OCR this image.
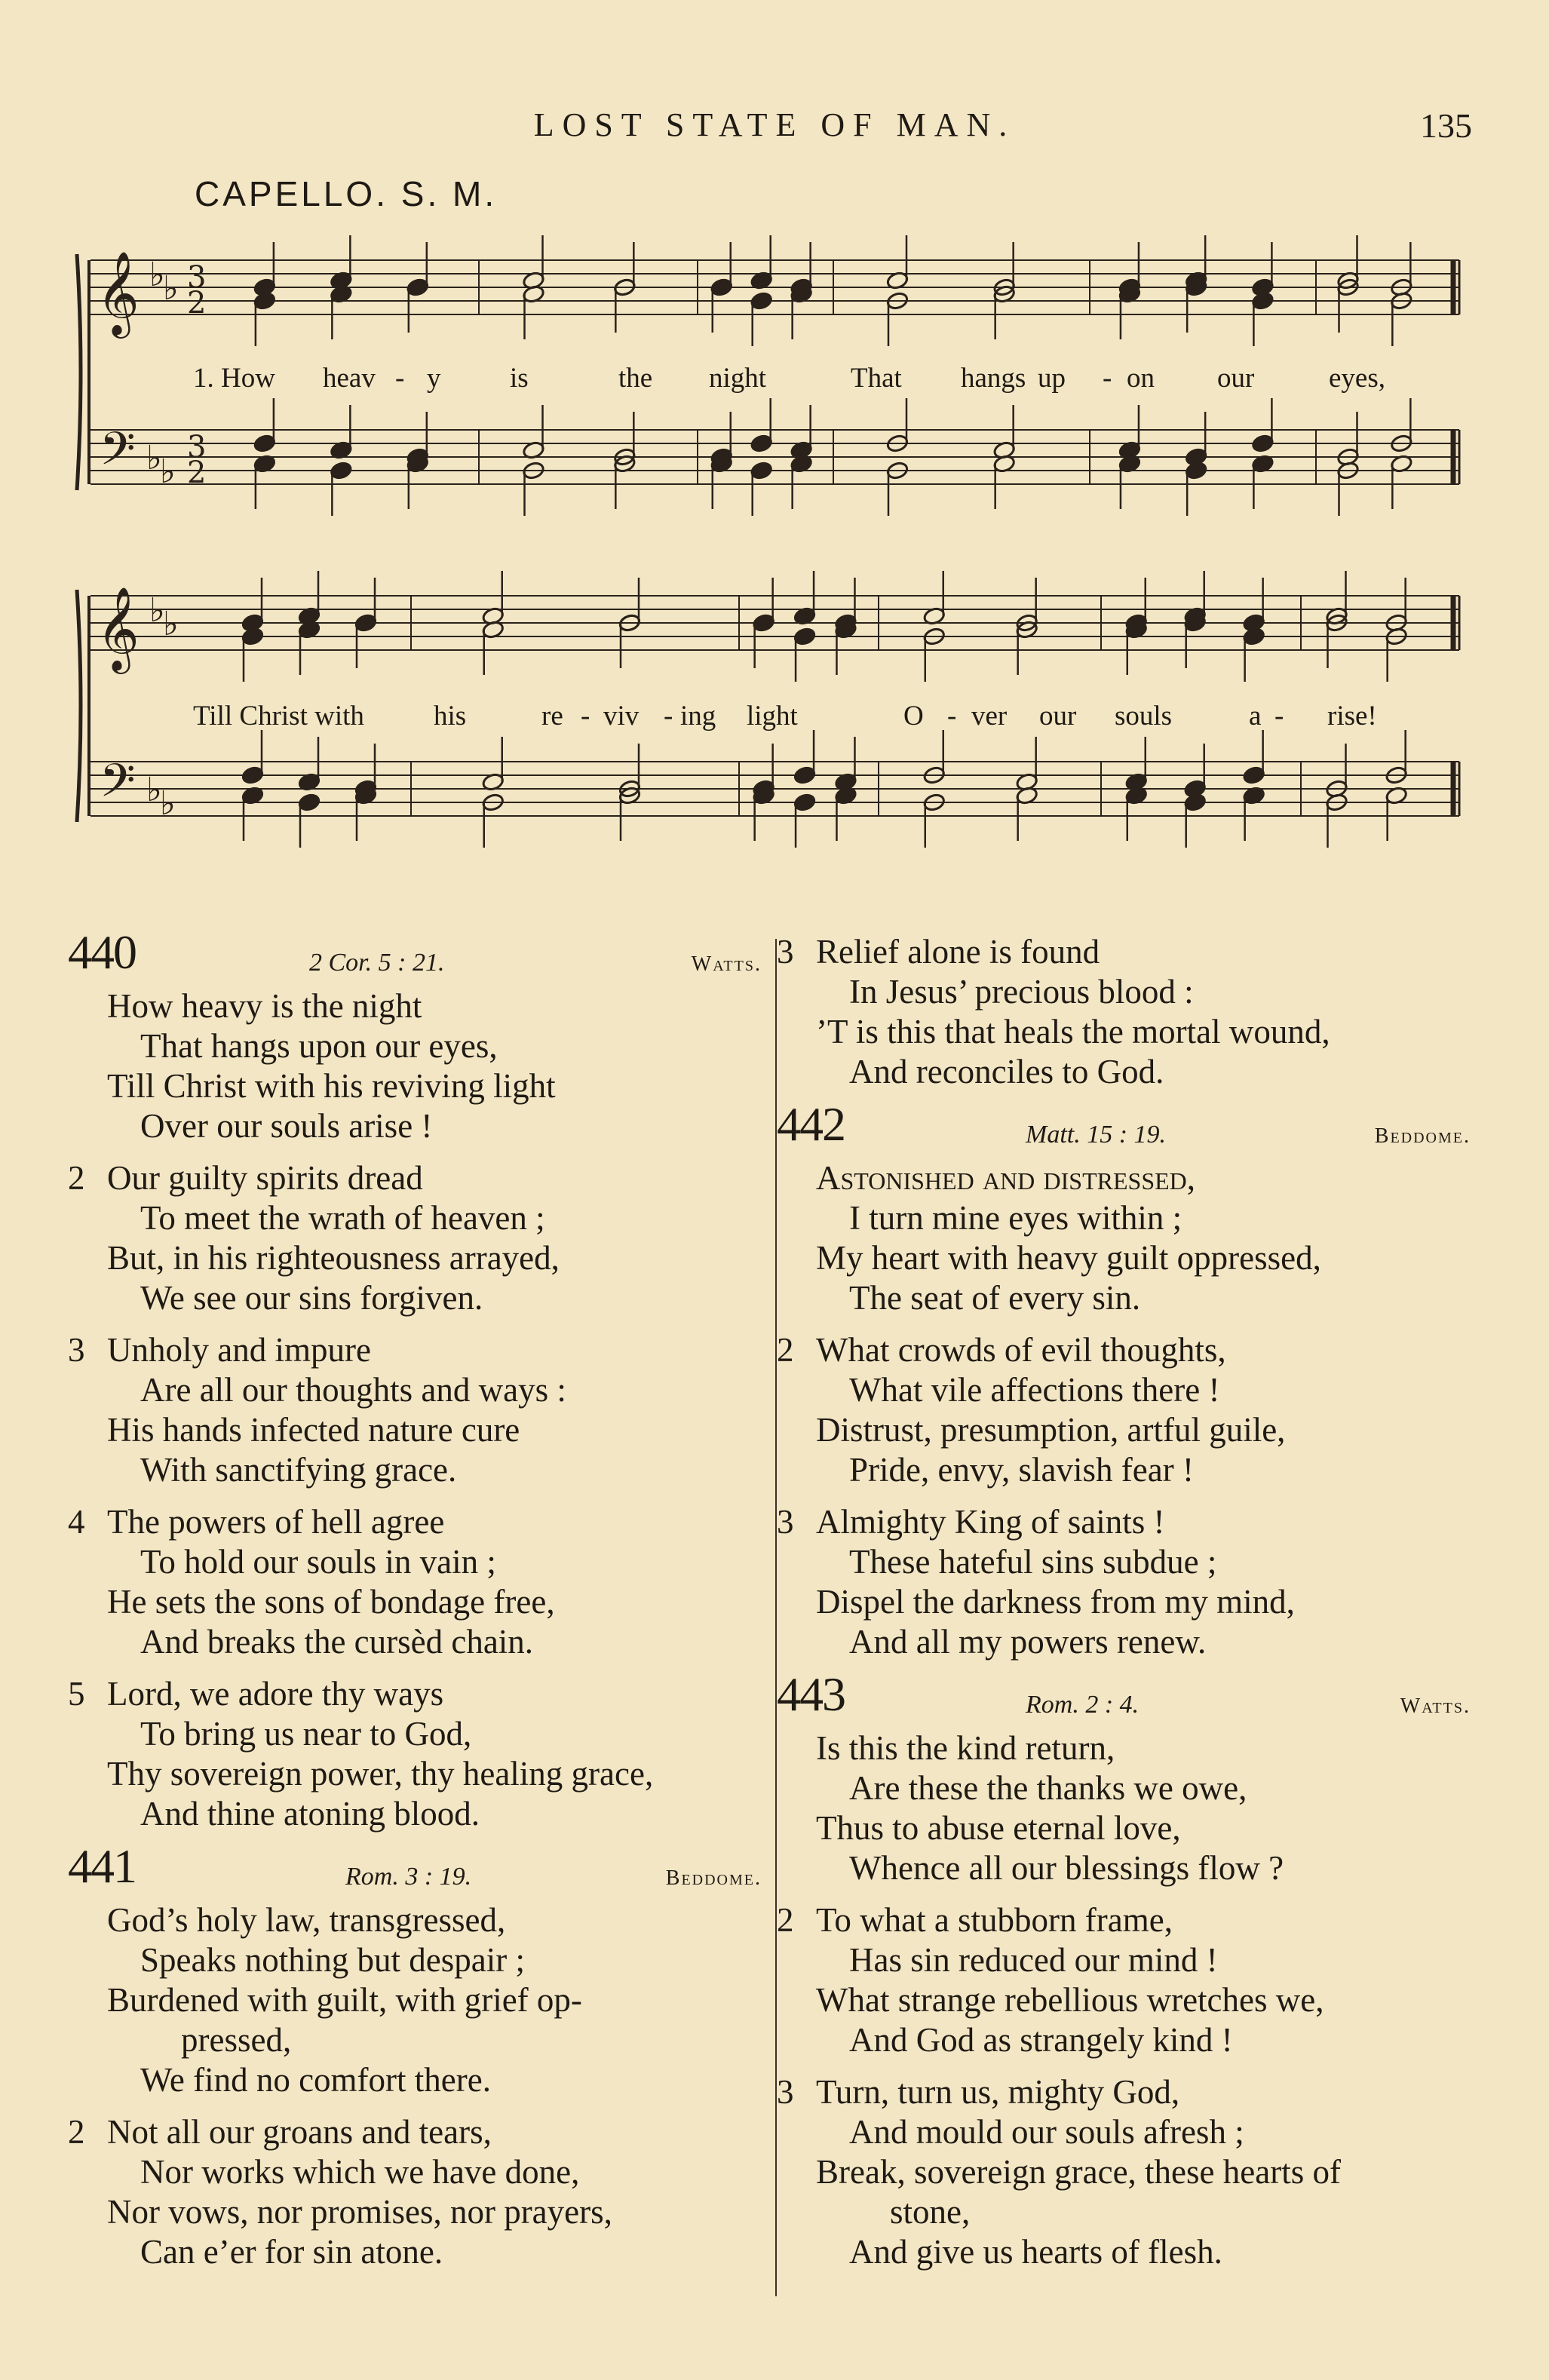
LOST STATE OF MAN.	135
CAPELLO. S. M.
𝄞
𝄢
♭
♭
♭
♭
3
2
3
2
𝄞
𝄢
♭
♭
♭
♭
1. How heav - y is	the night	That hangs up - on our	eyes,
Till Christ with his	re - viv - ing light	O - ver our souls	a - rise!
440	2 Cor. 5 : 21.	Watts.
How heavy is the night
That hangs upon our eyes,
Till Christ with his reviving light
Over our souls arise !
2 Our guilty spirits dread
To meet the wrath of heaven ;
But, in his righteousness arrayed,
We see our sins forgiven.
3 Unholy and impure
Are all our thoughts and ways :
His hands infected nature cure
With sanctifying grace.
4 The powers of hell agree
To hold our souls in vain ;
He sets the sons of bondage free,
And breaks the cursèd chain.
5 Lord, we adore thy ways
To bring us near to God,
Thy sovereign power, thy healing grace,
And thine atoning blood.
441	Rom. 3 : 19.	Beddome.
God’s holy law, transgressed,
Speaks nothing but despair ;
Burdened with guilt, with grief op-
pressed,
We find no comfort there.
2 Not all our groans and tears,
Nor works which we have done,
Nor vows, nor promises, nor prayers,
Can e’er for sin atone.
3 Relief alone is found
In Jesus’ precious blood :
’T is this that heals the mortal wound,
And reconciles to God.
442	Matt. 15 : 19.	Beddome.
Astonished and distressed,
I turn mine eyes within ;
My heart with heavy guilt oppressed,
The seat of every sin.
2 What crowds of evil thoughts,
What vile affections there !
Distrust, presumption, artful guile,
Pride, envy, slavish fear !
3 Almighty King of saints !
These hateful sins subdue ;
Dispel the darkness from my mind,
And all my powers renew.
443	Rom. 2 : 4.	Watts.
Is this the kind return,
Are these the thanks we owe,
Thus to abuse eternal love,
Whence all our blessings flow ?
2 To what a stubborn frame,
Has sin reduced our mind !
What strange rebellious wretches we,
And God as strangely kind !
3 Turn, turn us, mighty God,
And mould our souls afresh ;
Break, sovereign grace, these hearts of
stone,
And give us hearts of flesh.
